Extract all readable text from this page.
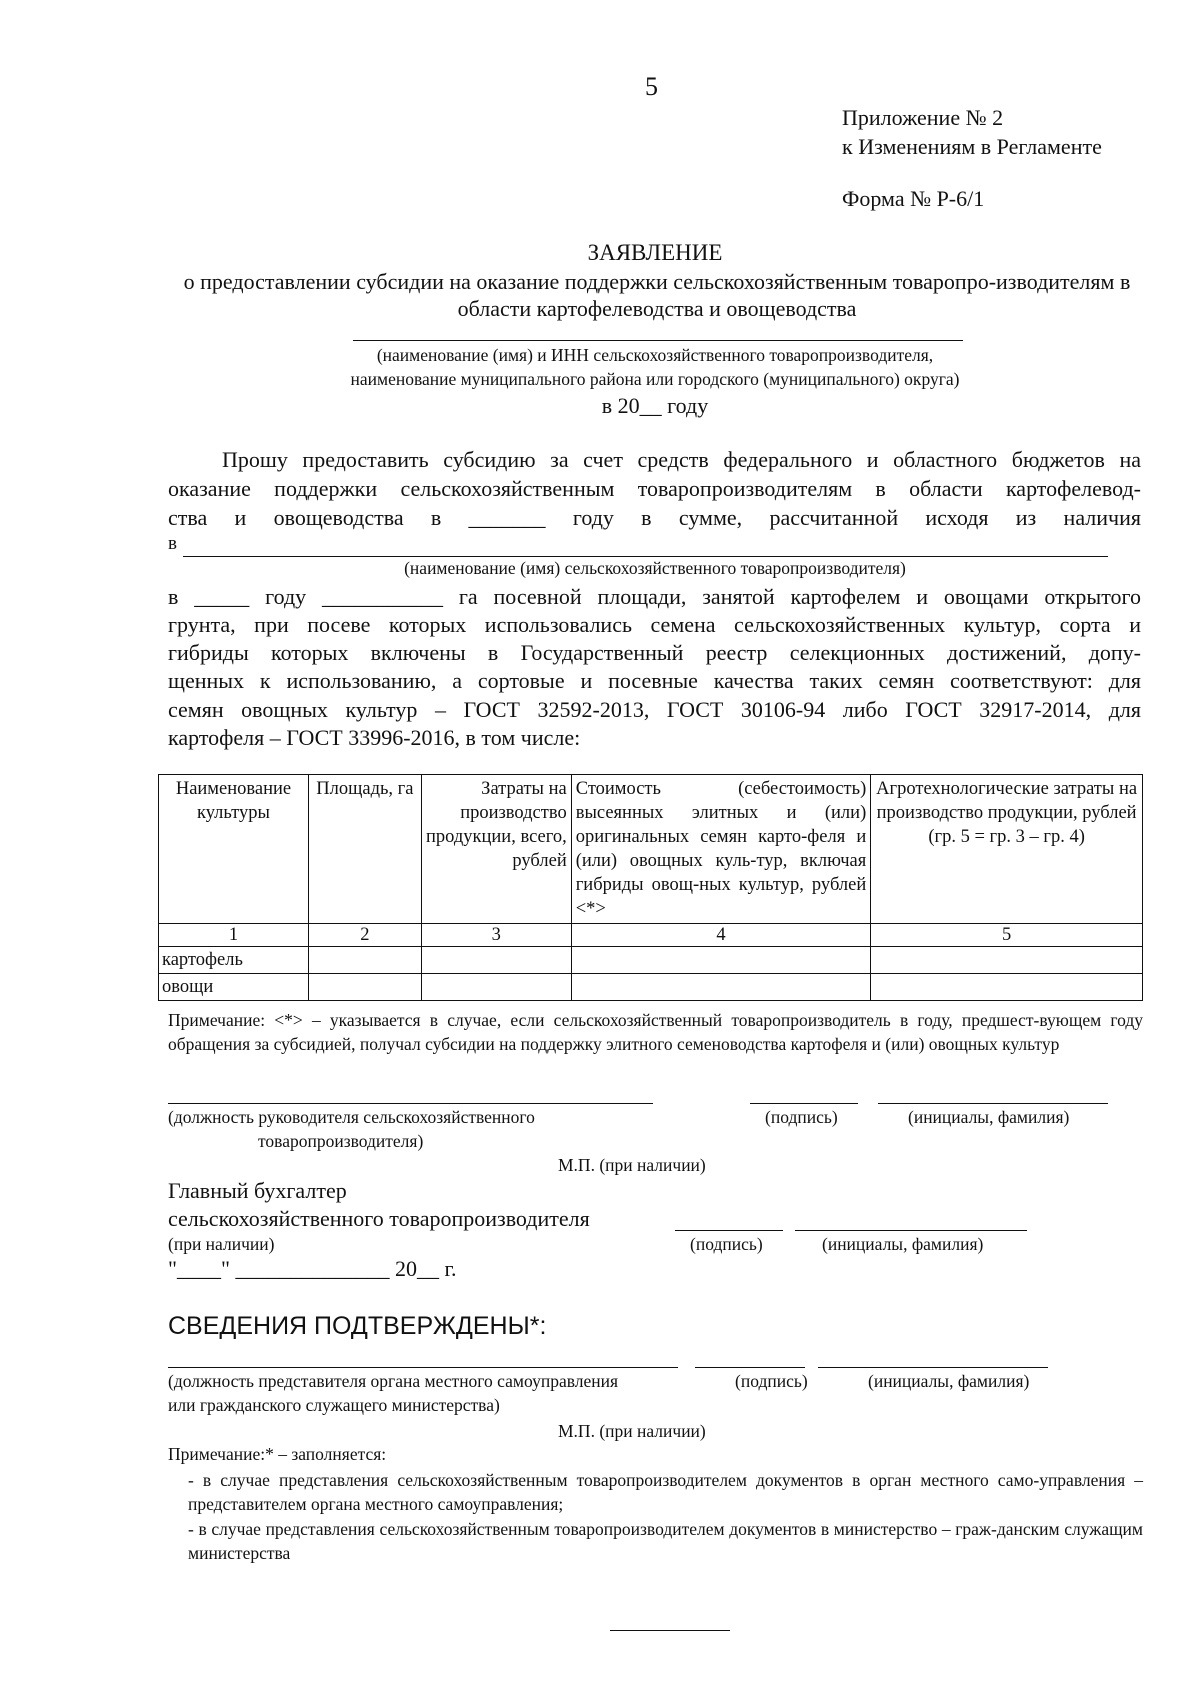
5
Приложение № 2
к Изменениям в Регламенте
Форма № Р-6/1
ЗАЯВЛЕНИЕ
о предоставлении субсидии на оказание поддержки сельскохозяйственным товаропро-изводителям в области картофелеводства и овощеводства
(наименование (имя) и ИНН сельскохозяйственного товаропроизводителя,
наименование муниципального района или городского (муниципального) округа)
в 20__ году
Прошу предоставить субсидию за счет средств федерального и областного бюджетов на
оказание поддержки сельскохозяйственным товаропроизводителям в области картофелевод-
ства и овощеводства в _______ году в сумме, рассчитанной исходя из наличия
в
(наименование (имя) сельскохозяйственного товаропроизводителя)
в _____ году ___________ га посевной площади, занятой картофелем и овощами открытого
грунта, при посеве которых использовались семена сельскохозяйственных культур, сорта и
гибриды которых включены в Государственный реестр селекционных достижений, допу-
щенных к использованию, а сортовые и посевные качества таких семян соответствуют: для
семян овощных культур – ГОСТ 32592-2013, ГОСТ 30106-94 либо ГОСТ 32917-2014, для
картофеля – ГОСТ 33996-2016, в том числе:
Наименование культуры	Площадь, га	Затраты на производство продукции, всего, рублей	Стоимость (себестоимость) высеянных элитных и (или) оригинальных семян карто-феля и (или) овощных куль-тур, включая гибриды овощ-ных культур, рублей <*>	Агротехнологические затраты на производство продукции, рублей (гр. 5 = гр. 3 – гр. 4)
1	2	3	4	5
картофель				
овощи				
Примечание: <*> – указывается в случае, если сельскохозяйственный товаропроизводитель в году, предшест-вующем году обращения за субсидией, получал субсидии на поддержку элитного семеноводства картофеля и (или) овощных культур
(должность руководителя сельскохозяйственного	(подпись)	(инициалы, фамилия)
товаропроизводителя)
М.П. (при наличии)
Главный бухгалтер
сельскохозяйственного товаропроизводителя
(при наличии)	(подпись)	(инициалы, фамилия)
"____" ______________ 20__ г.
СВЕДЕНИЯ ПОДТВЕРЖДЕНЫ*:
(должность представителя органа местного самоуправления	(подпись)	(инициалы, фамилия)
или гражданского служащего министерства)
М.П. (при наличии)
Примечание:* – заполняется:
- в случае представления сельскохозяйственным товаропроизводителем документов в орган местного само-управления – представителем органа местного самоуправления;
- в случае представления сельскохозяйственным товаропроизводителем документов в министерство – граж-данским служащим министерства
